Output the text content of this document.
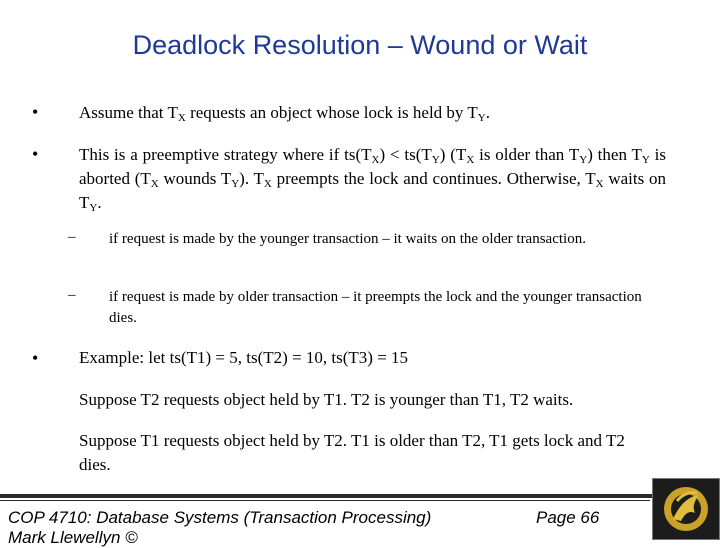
Deadlock Resolution – Wound or Wait
• Assume that $T_X$ requests an object whose lock is held by $T_Y$.
• This is a preemptive strategy where if $ts(T_X) < ts(T_Y)$ ($T_X$ is older than $T_Y$) then $T_Y$ is aborted ($T_X$ wounds $T_Y$). $T_X$ preempts the lock and continues. Otherwise, $T_X$ waits on $T_Y$.
– if request is made by the younger transaction – it waits on the older transaction.
– if request is made by older transaction – it preempts the lock and the younger transaction dies.
• Example: let ts(T1) = 5, ts(T2) = 10, ts(T3) = 15
Suppose T2 requests object held by T1. T2 is younger than T1, T2 waits.
Suppose T1 requests object held by T2. T1 is older than T2, T1 gets lock and T2 dies.
COP 4710: Database Systems (Transaction Processing)	Page 66
Mark Llewellyn ©
